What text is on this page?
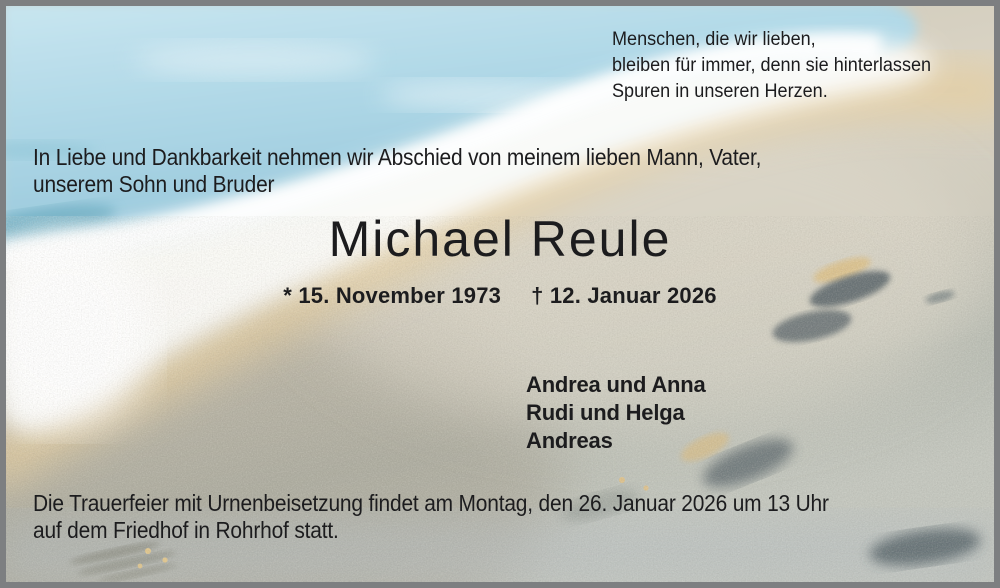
Menschen, die wir lieben,
bleiben für immer, denn sie hinterlassen
Spuren in unseren Herzen.
In Liebe und Dankbarkeit nehmen wir Abschied von meinem lieben Mann, Vater,
unserem Sohn und Bruder
Michael Reule
* 15. November 1973 † 12. Januar 2026
Andrea und Anna
Rudi und Helga
Andreas
Die Trauerfeier mit Urnenbeisetzung findet am Montag, den 26. Januar 2026 um 13 Uhr
auf dem Friedhof in Rohrhof statt.
